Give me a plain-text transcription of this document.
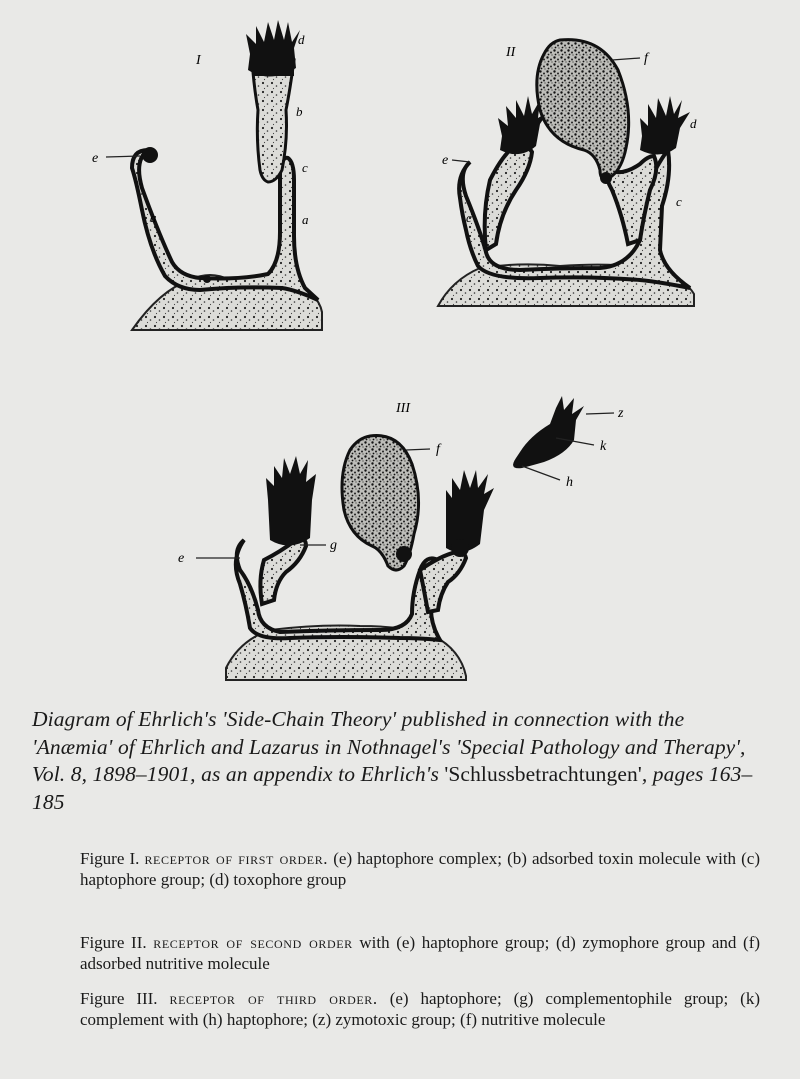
I
d
b
c
e
a	a
II	f
e
d
c
c
III
f
e
g
z
k
h
Diagram of Ehrlich's 'Side-Chain Theory' published in connection with the 'Anæmia' of Ehrlich and Lazarus in Nothnagel's 'Special Pathology and Therapy', Vol. 8, 1898–1901, as an appendix to Ehrlich's 'Schlussbetrachtungen', pages 163–185
Figure I. receptor of first order. (e) haptophore complex; (b) adsorbed toxin molecule with (c) haptophore group; (d) toxophore group
Figure II. receptor of second order with (e) haptophore group; (d) zymophore group and (f) adsorbed nutritive molecule
Figure III. receptor of third order. (e) haptophore; (g) complementophile group; (k) complement with (h) haptophore; (z) zymotoxic group; (f) nutritive molecule
